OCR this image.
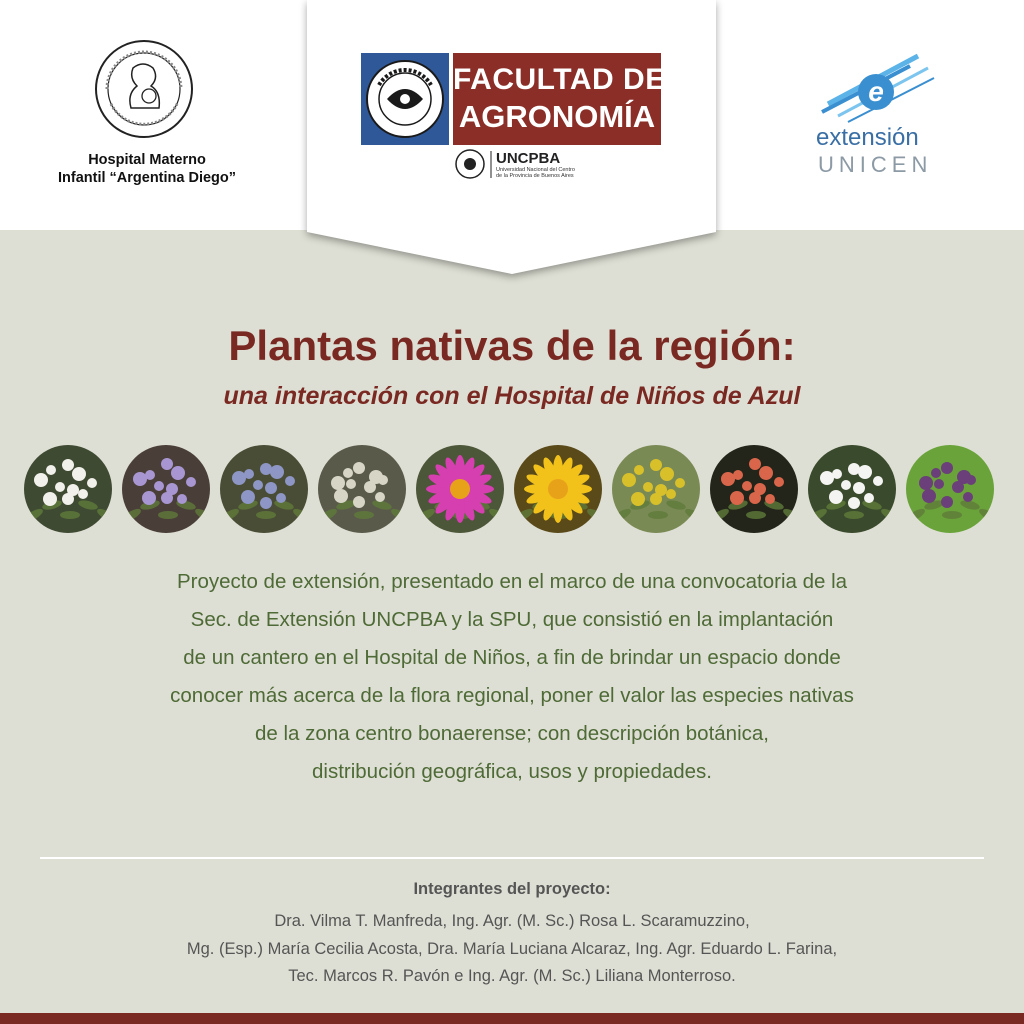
Hospital Materno
Infantil “Argentina Diego”
FACULTAD DE
AGRONOMÍA
UNCPBA
Universidad Nacional del Centro
de la Provincia de Buenos Aires
e
extensión
UNICEN
Plantas nativas de la región:
una interacción con el Hospital de Niños de Azul
Proyecto de extensión, presentado en el marco de una convocatoria de la
Sec. de Extensión UNCPBA y la SPU, que consistió en la implantación
de un cantero en el Hospital de Niños, a fin de brindar un espacio donde
conocer más acerca de la flora regional, poner el valor las especies nativas
de la zona centro bonaerense; con descripción botánica,
distribución geográfica, usos y propiedades.
Integrantes del proyecto:
Dra. Vilma T. Manfreda, Ing. Agr. (M. Sc.) Rosa L. Scaramuzzino,
Mg. (Esp.) María Cecilia Acosta, Dra. María Luciana Alcaraz, Ing. Agr. Eduardo L. Farina,
Tec. Marcos R. Pavón e Ing. Agr. (M. Sc.) Liliana Monterroso.
